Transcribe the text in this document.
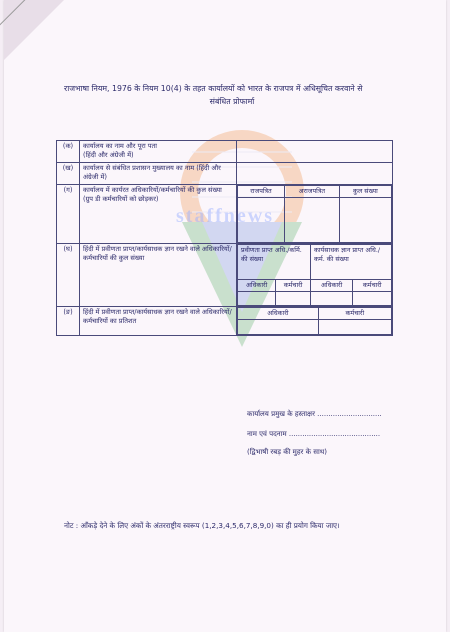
staffnews
राजभाषा नियम, 1976 के नियम 10(4) के तहत कार्यालयों को भारत के राजपत्र में अधिसूचित करवाने से
संबंधित प्रोफार्मा
(क)	कार्यालय का नाम और पूरा पता
(हिंदी और अंग्रेजी में)	
(ख)	कार्यालय से संबंधित प्रशासन मुख्यालय का नाम (हिंदी और अंग्रेजी में)	
(ग)	कार्यालय में कार्यरत अधिकारियों/कर्मचारियों की कुल संख्या (ग्रुप डी कर्मचारियों को छोड़कर)	
राजपत्रित	अराजपत्रित	कुल संख्या

(घ)	हिंदी में प्रवीणता प्राप्त/कार्यसाधक ज्ञान रखने वाले अधिकारियों/कर्मचारियों की कुल संख्या	
प्रवीणता प्राप्त अधि./कर्मि. की संख्या	कार्यसाधक ज्ञान प्राप्त अधि./कर्म. की संख्या
अधिकारी	कर्मचारी	अधिकारी	कर्मचारी

(ङ)	हिंदी में प्रवीणता प्राप्त/कार्यसाधक ज्ञान रखने वाले अधिकारियों/कर्मचारियों का प्रतिशत	
अधिकारी	कर्मचारी

कार्यालय प्रमुख के हस्ताक्षर .............................
नाम एवं पदनाम .........................................
(द्विभाषी रबड़ की मुहर के साथ)
नोट : आँकड़े देने के लिए अंकों के अंतरराष्ट्रीय स्वरूप (1,2,3,4,5,6,7,8,9,0) का ही प्रयोग किया जाए।
